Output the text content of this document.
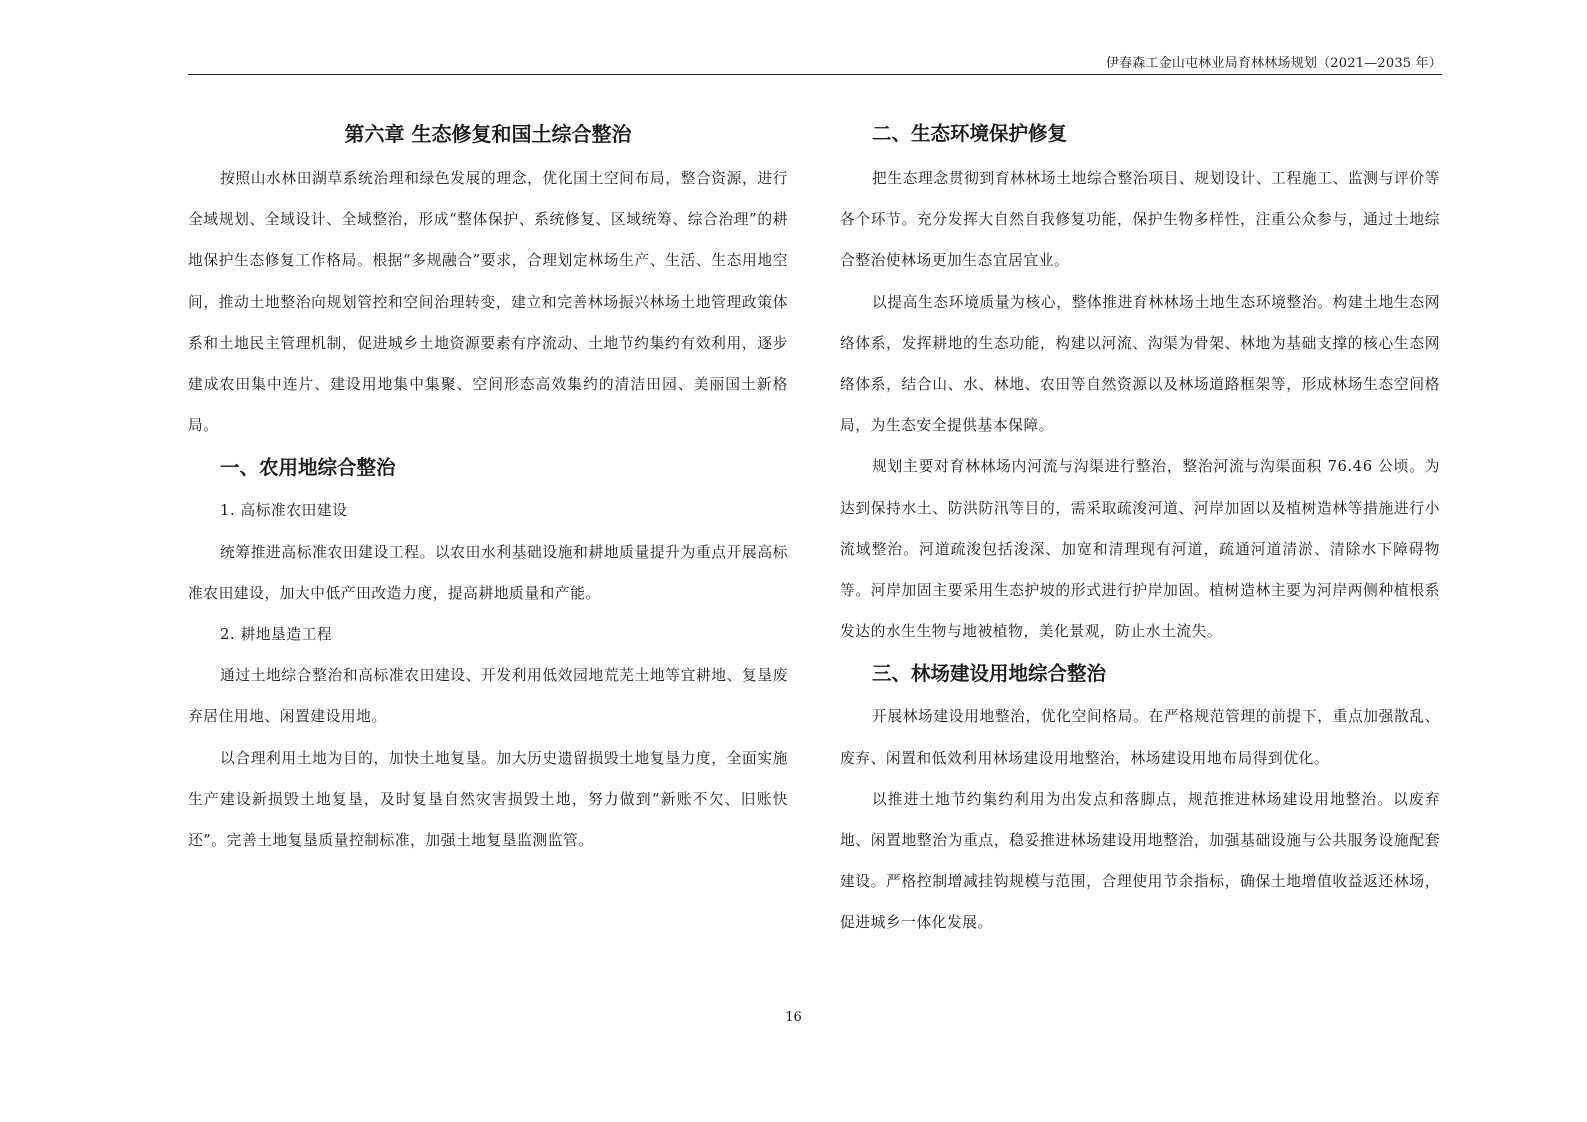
伊春森工金山屯林业局育林林场规划（2021—2035 年）
第六章 生态修复和国土综合整治

按照山水林田湖草系统治理和绿色发展的理念，优化国土空间布局，整合资源，进行全域规划、全域设计、全域整治，形成“整体保护、系统修复、区域统筹、综合治理”的耕地保护生态修复工作格局。根据“多规融合”要求，合理划定林场生产、生活、生态用地空间，推动土地整治向规划管控和空间治理转变，建立和完善林场振兴林场土地管理政策体系和土地民主管理机制，促进城乡土地资源要素有序流动、土地节约集约有效利用，逐步建成农田集中连片、建设用地集中集聚、空间形态高效集约的清洁田园、美丽国土新格局。

一、农用地综合整治

1. 高标准农田建设

统筹推进高标准农田建设工程。以农田水利基础设施和耕地质量提升为重点开展高标准农田建设，加大中低产田改造力度，提高耕地质量和产能。

2. 耕地垦造工程

通过土地综合整治和高标准农田建设、开发利用低效园地荒芜土地等宜耕地、复垦废弃居住用地、闲置建设用地。

以合理利用土地为目的，加快土地复垦。加大历史遗留损毁土地复垦力度，全面实施生产建设新损毁土地复垦，及时复垦自然灾害损毁土地，努力做到“新账不欠、旧账快还”。完善土地复垦质量控制标准，加强土地复垦监测监管。

二、生态环境保护修复

把生态理念贯彻到育林林场土地综合整治项目、规划设计、工程施工、监测与评价等各个环节。充分发挥大自然自我修复功能，保护生物多样性，注重公众参与，通过土地综合整治使林场更加生态宜居宜业。

以提高生态环境质量为核心，整体推进育林林场土地生态环境整治。构建土地生态网络体系，发挥耕地的生态功能，构建以河流、沟渠为骨架、林地为基础支撑的核心生态网络体系，结合山、水、林地、农田等自然资源以及林场道路框架等，形成林场生态空间格局，为生态安全提供基本保障。

规划主要对育林林场内河流与沟渠进行整治，整治河流与沟渠面积 76.46 公顷。为达到保持水土、防洪防汛等目的，需采取疏浚河道、河岸加固以及植树造林等措施进行小流域整治。河道疏浚包括浚深、加宽和清理现有河道，疏通河道清淤、清除水下障碍物等。河岸加固主要采用生态护坡的形式进行护岸加固。植树造林主要为河岸两侧种植根系发达的水生生物与地被植物，美化景观，防止水土流失。

三、林场建设用地综合整治

开展林场建设用地整治，优化空间格局。在严格规范管理的前提下，重点加强散乱、废弃、闲置和低效利用林场建设用地整治，林场建设用地布局得到优化。

以推进土地节约集约利用为出发点和落脚点，规范推进林场建设用地整治。以废弃地、闲置地整治为重点，稳妥推进林场建设用地整治，加强基础设施与公共服务设施配套建设。严格控制增减挂钩规模与范围，合理使用节余指标，确保土地增值收益返还林场，促进城乡一体化发展。

16
